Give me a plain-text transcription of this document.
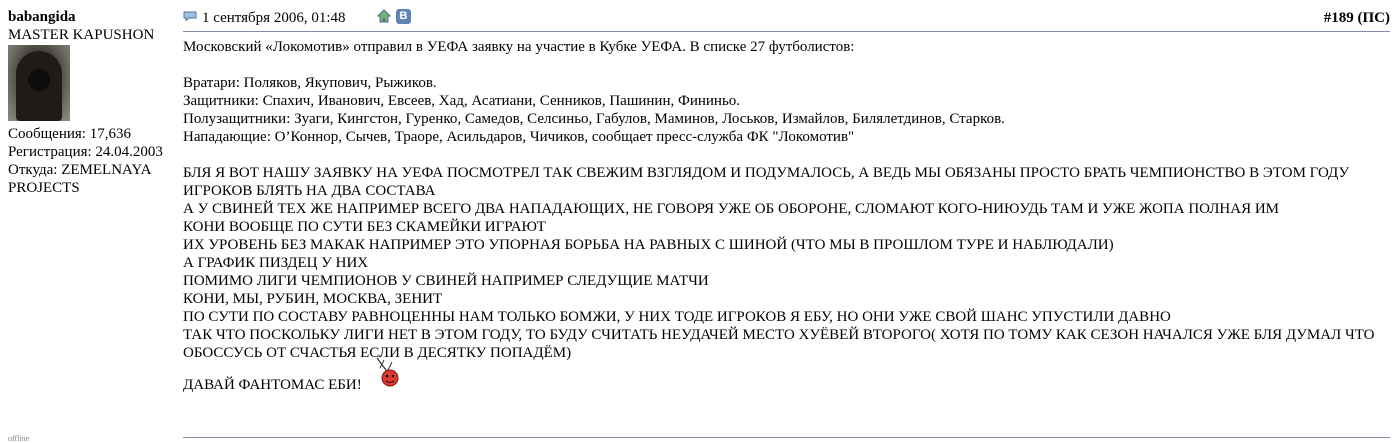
babangida
MASTER KAPUSHON
Сообщения: 17,636
Регистрация: 24.04.2003
Откуда: ZEMELNAYA PROJECTS
offline
1 сентября 2006, 01:48	B	#189 (ПС)
Московский «Локомотив» отправил в УЕФА заявку на участие в Кубке УЕФА. В списке 27 футболистов:
Вратари: Поляков, Якупович, Рыжиков.
Защитники: Спахич, Иванович, Евсеев, Хад, Асатиани, Сенников, Пашинин, Фининьо.
Полузащитники: Зуаги, Кингстон, Гуренко, Самедов, Селсиньо, Габулов, Маминов, Лоськов, Измайлов, Билялетдинов, Старков.
Нападающие: О’Коннор, Сычев, Траоре, Асильдаров, Чичиков, сообщает пресс-служба ФК "Локомотив"
БЛЯ Я ВОТ НАШУ ЗАЯВКУ НА УЕФА ПОСМОТРЕЛ ТАК СВЕЖИМ ВЗГЛЯДОМ И ПОДУМАЛОСЬ, А ВЕДЬ МЫ ОБЯЗАНЫ ПРОСТО БРАТЬ ЧЕМПИОНСТВО В ЭТОМ ГОДУ
ИГРОКОВ БЛЯТЬ НА ДВА СОСТАВА
А У СВИНЕЙ ТЕХ ЖЕ НАПРИМЕР ВСЕГО ДВА НАПАДАЮЩИХ, НЕ ГОВОРЯ УЖЕ ОБ ОБОРОНЕ, СЛОМАЮТ КОГО-НИЮУДЬ ТАМ И УЖЕ ЖОПА ПОЛНАЯ ИМ
КОНИ ВООБЩЕ ПО СУТИ БЕЗ СКАМЕЙКИ ИГРАЮТ
ИХ УРОВЕНЬ БЕЗ МАКАК НАПРИМЕР ЭТО УПОРНАЯ БОРЬБА НА РАВНЫХ С ШИНОЙ (ЧТО МЫ В ПРОШЛОМ ТУРЕ И НАБЛЮДАЛИ)
А ГРАФИК ПИЗДЕЦ У НИХ
ПОМИМО ЛИГИ ЧЕМПИОНОВ У СВИНЕЙ НАПРИМЕР СЛЕДУЩИЕ МАТЧИ
КОНИ, МЫ, РУБИН, МОСКВА, ЗЕНИТ
ПО СУТИ ПО СОСТАВУ РАВНОЦЕННЫ НАМ ТОЛЬКО БОМЖИ, У НИХ ТОДЕ ИГРОКОВ Я ЕБУ, НО ОНИ УЖЕ СВОЙ ШАНС УПУСТИЛИ ДАВНО
ТАК ЧТО ПОСКОЛЬКУ ЛИГИ НЕТ В ЭТОМ ГОДУ, ТО БУДУ СЧИТАТЬ НЕУДАЧЕЙ МЕСТО ХУЁВЕЙ ВТОРОГО( ХОТЯ ПО ТОМУ КАК СЕЗОН НАЧАЛСЯ УЖЕ БЛЯ ДУМАЛ ЧТО ОБОССУСЬ ОТ СЧАСТЬЯ ЕСЛИ В ДЕСЯТКУ ПОПАДЁМ)
ДАВАЙ ФАНТОМАС ЕБИ!
